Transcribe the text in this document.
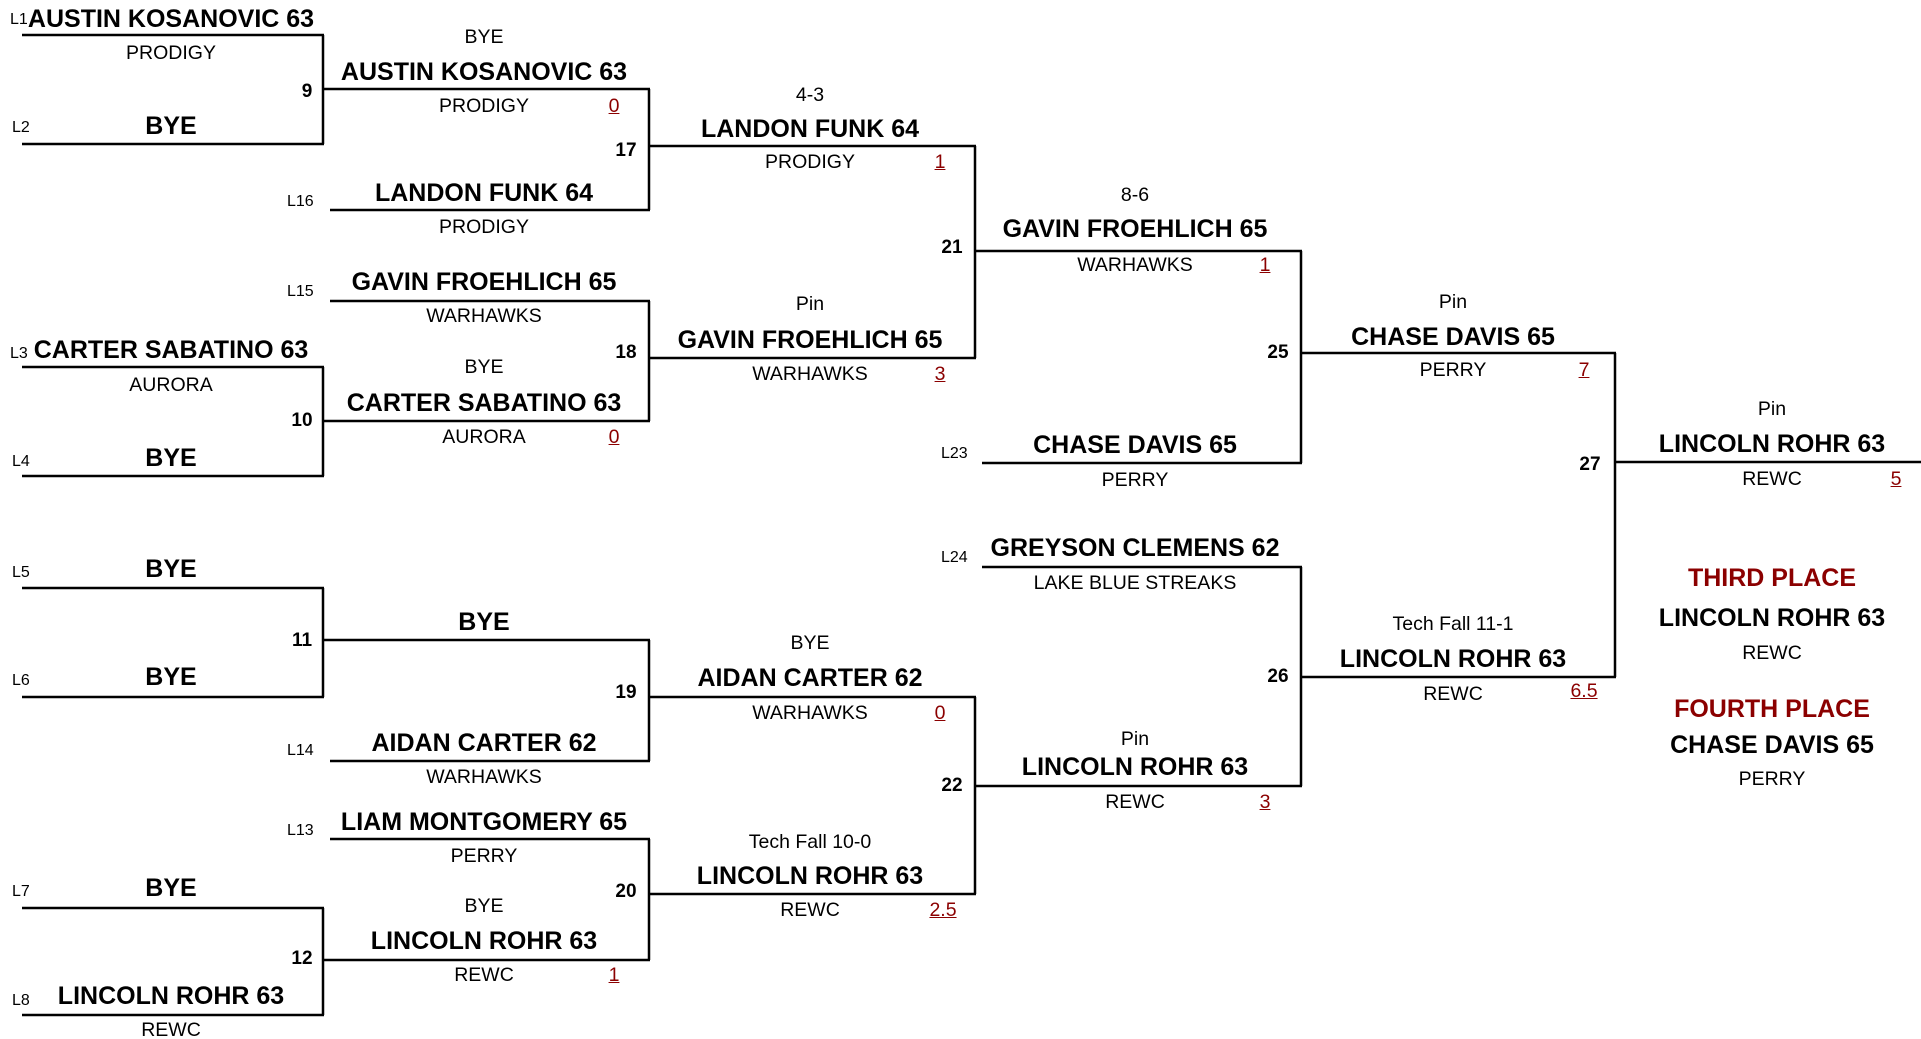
L1
L2
L3
L4
L5
L6
L7
L8
L16
L15
L14
L13
L23
L24
9
10
11
12
17
18
19
20
21
22
25
26
27
AUSTIN KOSANOVIC 63
PRODIGY
BYE
CARTER SABATINO 63
AURORA
BYE
BYE
BYE
BYE
LINCOLN ROHR 63
REWC
BYE
AUSTIN KOSANOVIC 63
PRODIGY	0
LANDON FUNK 64
PRODIGY
GAVIN FROEHLICH 65
WARHAWKS
BYE
CARTER SABATINO 63
AURORA	0
BYE
AIDAN CARTER 62
WARHAWKS
LIAM MONTGOMERY 65
PERRY
BYE
LINCOLN ROHR 63
REWC	1
4-3
LANDON FUNK 64
PRODIGY	1
Pin
GAVIN FROEHLICH 65
WARHAWKS	3
BYE
AIDAN CARTER 62
WARHAWKS	0
Tech Fall 10-0
LINCOLN ROHR 63
REWC	2.5
8-6
GAVIN FROEHLICH 65
WARHAWKS	1
CHASE DAVIS 65
PERRY
GREYSON CLEMENS 62
LAKE BLUE STREAKS
Pin
LINCOLN ROHR 63
REWC	3
Pin
CHASE DAVIS 65
PERRY	7
Tech Fall 11-1
LINCOLN ROHR 63
REWC	6.5
Pin
LINCOLN ROHR 63
REWC	5
THIRD PLACE
LINCOLN ROHR 63
REWC
FOURTH PLACE
CHASE DAVIS 65
PERRY
